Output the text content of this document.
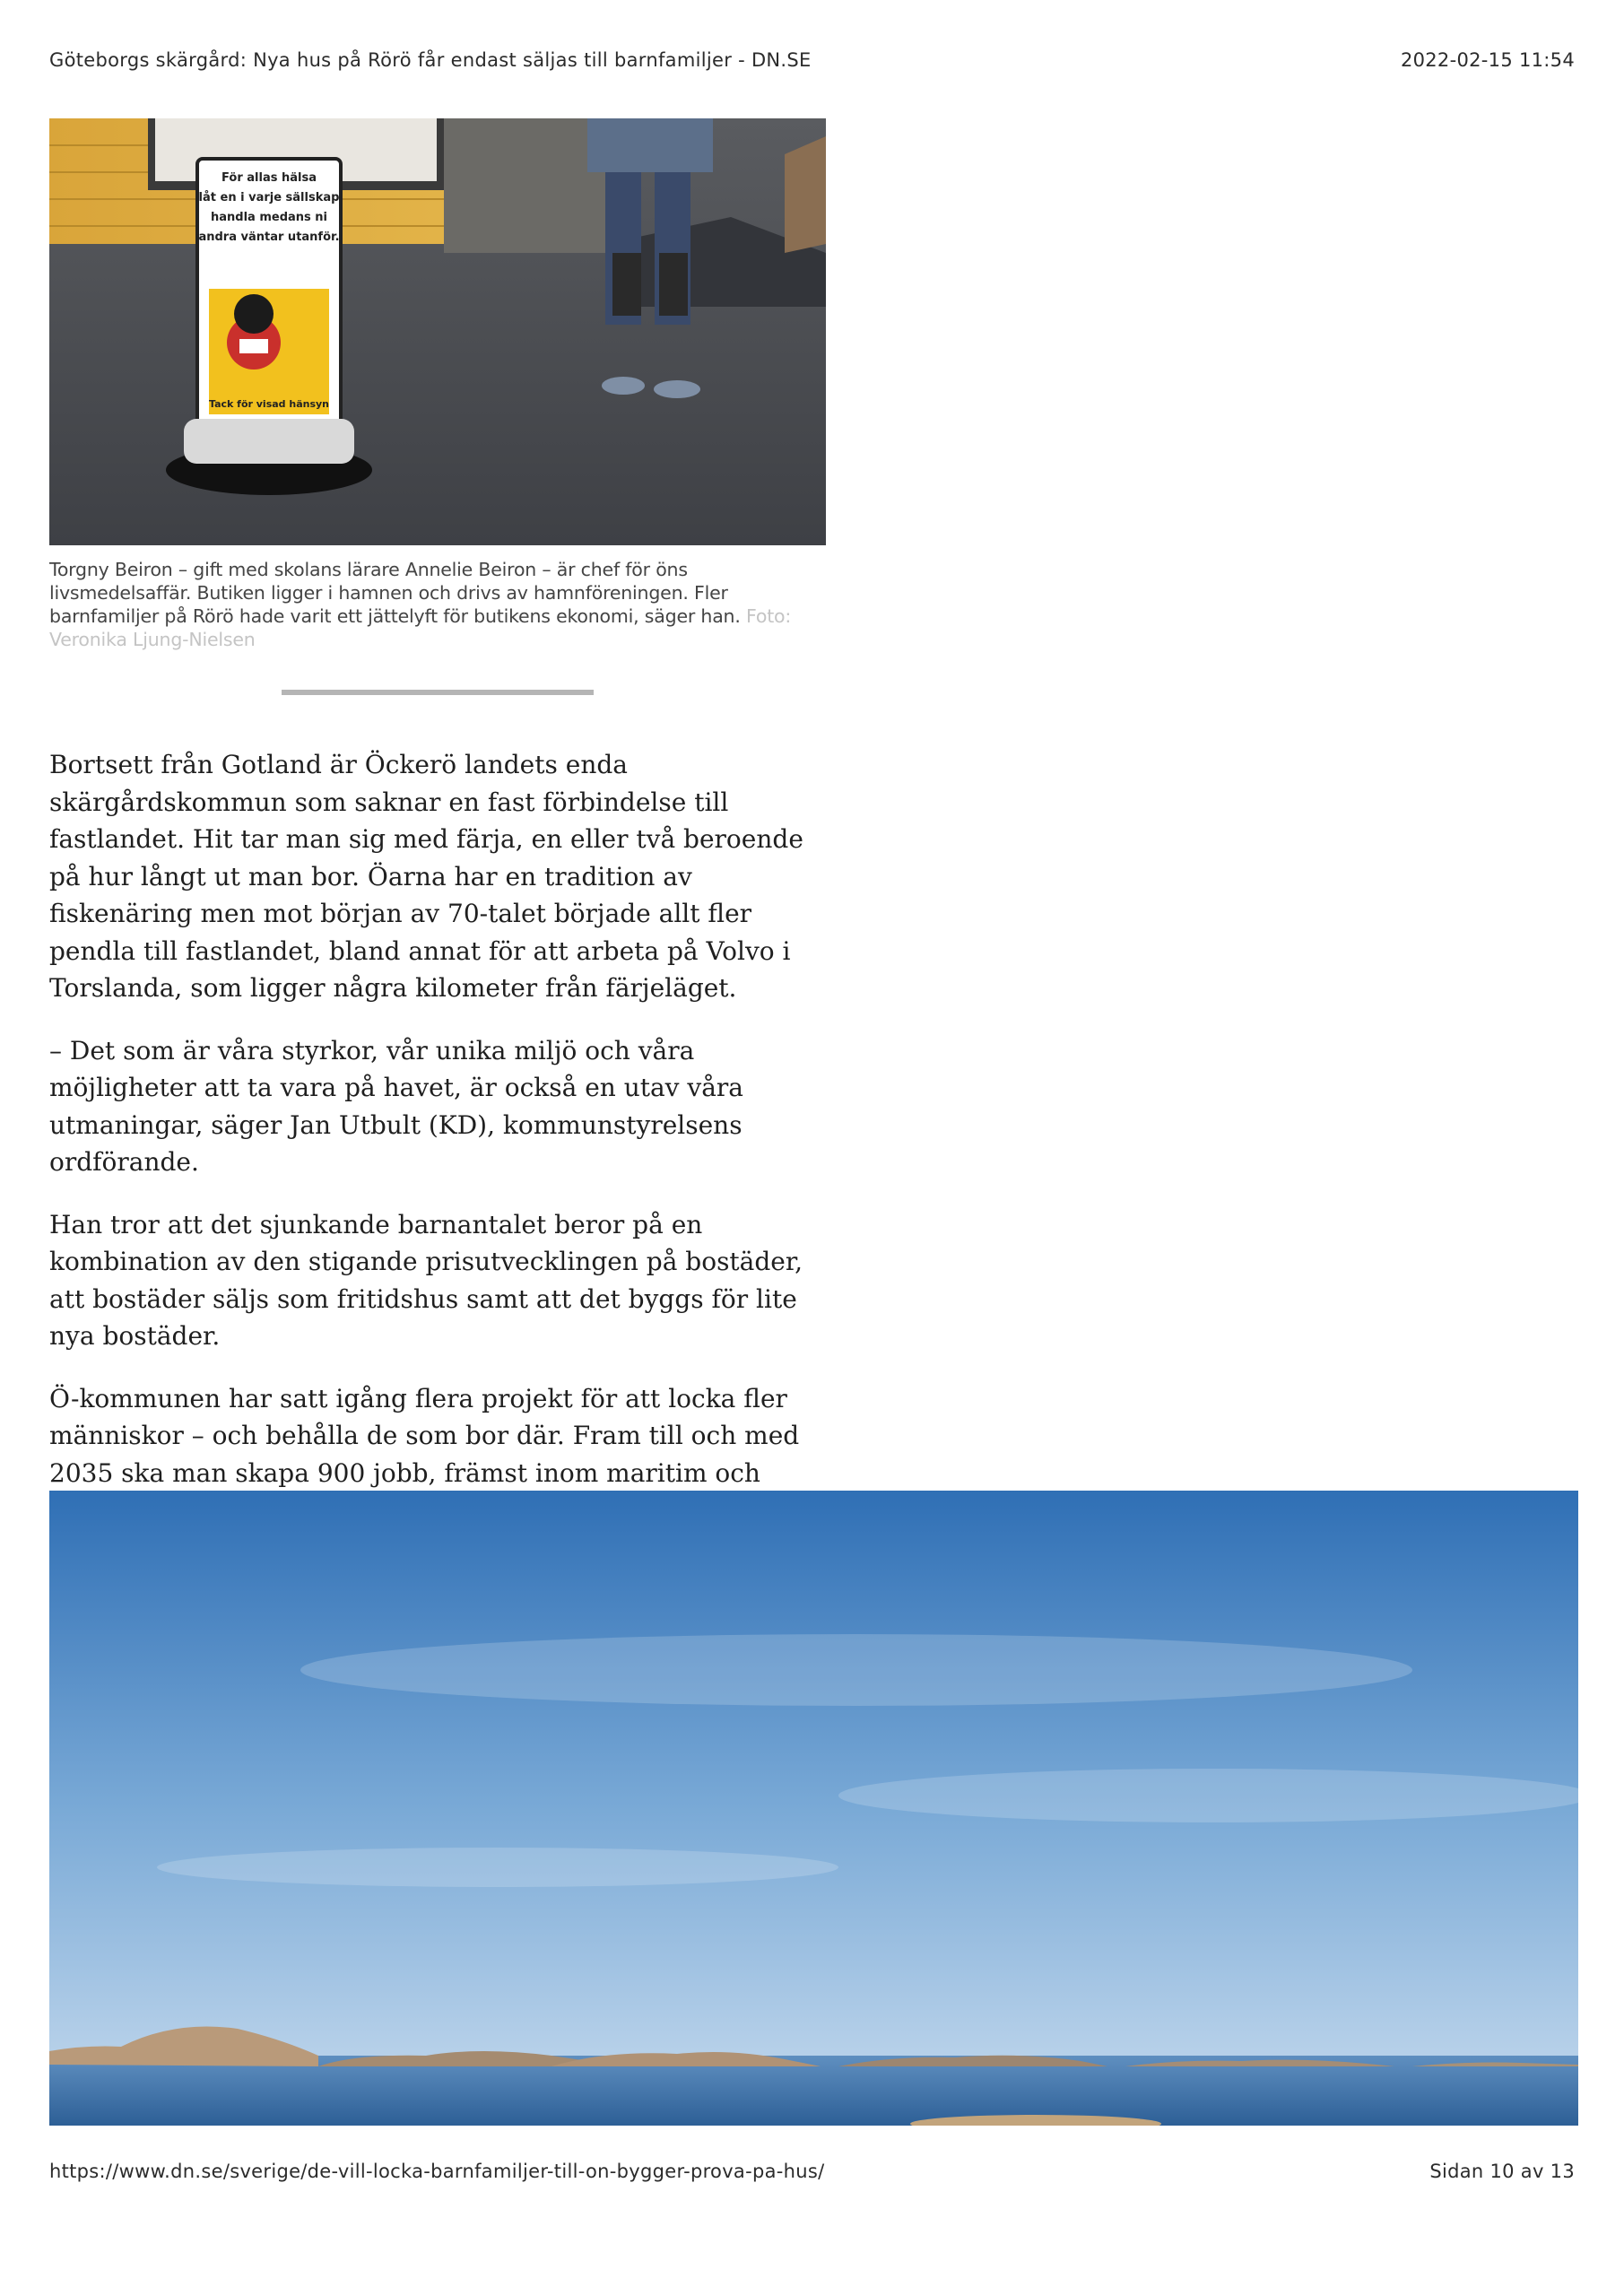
Göteborgs skärgård: Nya hus på Rörö får endast säljas till barnfamiljer - DN.SE	2022-02-15 11:54
För allas hälsa
låt en i varje sällskap
handla medans ni
andra väntar utanför.
Tack för visad hänsyn
Torgny Beiron – gift med skolans lärare Annelie Beiron – är chef för öns livsmedelsaffär. Butiken ligger i hamnen och drivs av hamnföreningen. Fler barnfamiljer på Rörö hade varit ett jättelyft för butikens ekonomi, säger han. Foto: Veronika Ljung-Nielsen

Bortsett från Gotland är Öckerö landets enda skärgårdskommun som saknar en fast förbindelse till fastlandet. Hit tar man sig med färja, en eller två beroende på hur långt ut man bor. Öarna har en tradition av fiskenäring men mot början av 70-talet började allt fler pendla till fastlandet, bland annat för att arbeta på Volvo i Torslanda, som ligger några kilometer från färjeläget.

– Det som är våra styrkor, vår unika miljö och våra möjligheter att ta vara på havet, är också en utav våra utmaningar, säger Jan Utbult (KD), kommunstyrelsens ordförande.

Han tror att det sjunkande barnantalet beror på en kombination av den stigande prisutvecklingen på bostäder, att bostäder säljs som fritidshus samt att det byggs för lite nya bostäder.

Ö-kommunen har satt igång flera projekt för att locka fler människor – och behålla de som bor där. Fram till och med 2035 ska man skapa 900 jobb, främst inom maritim och

https://www.dn.se/sverige/de-vill-locka-barnfamiljer-till-on-bygger-prova-pa-hus/	Sidan 10 av 13
